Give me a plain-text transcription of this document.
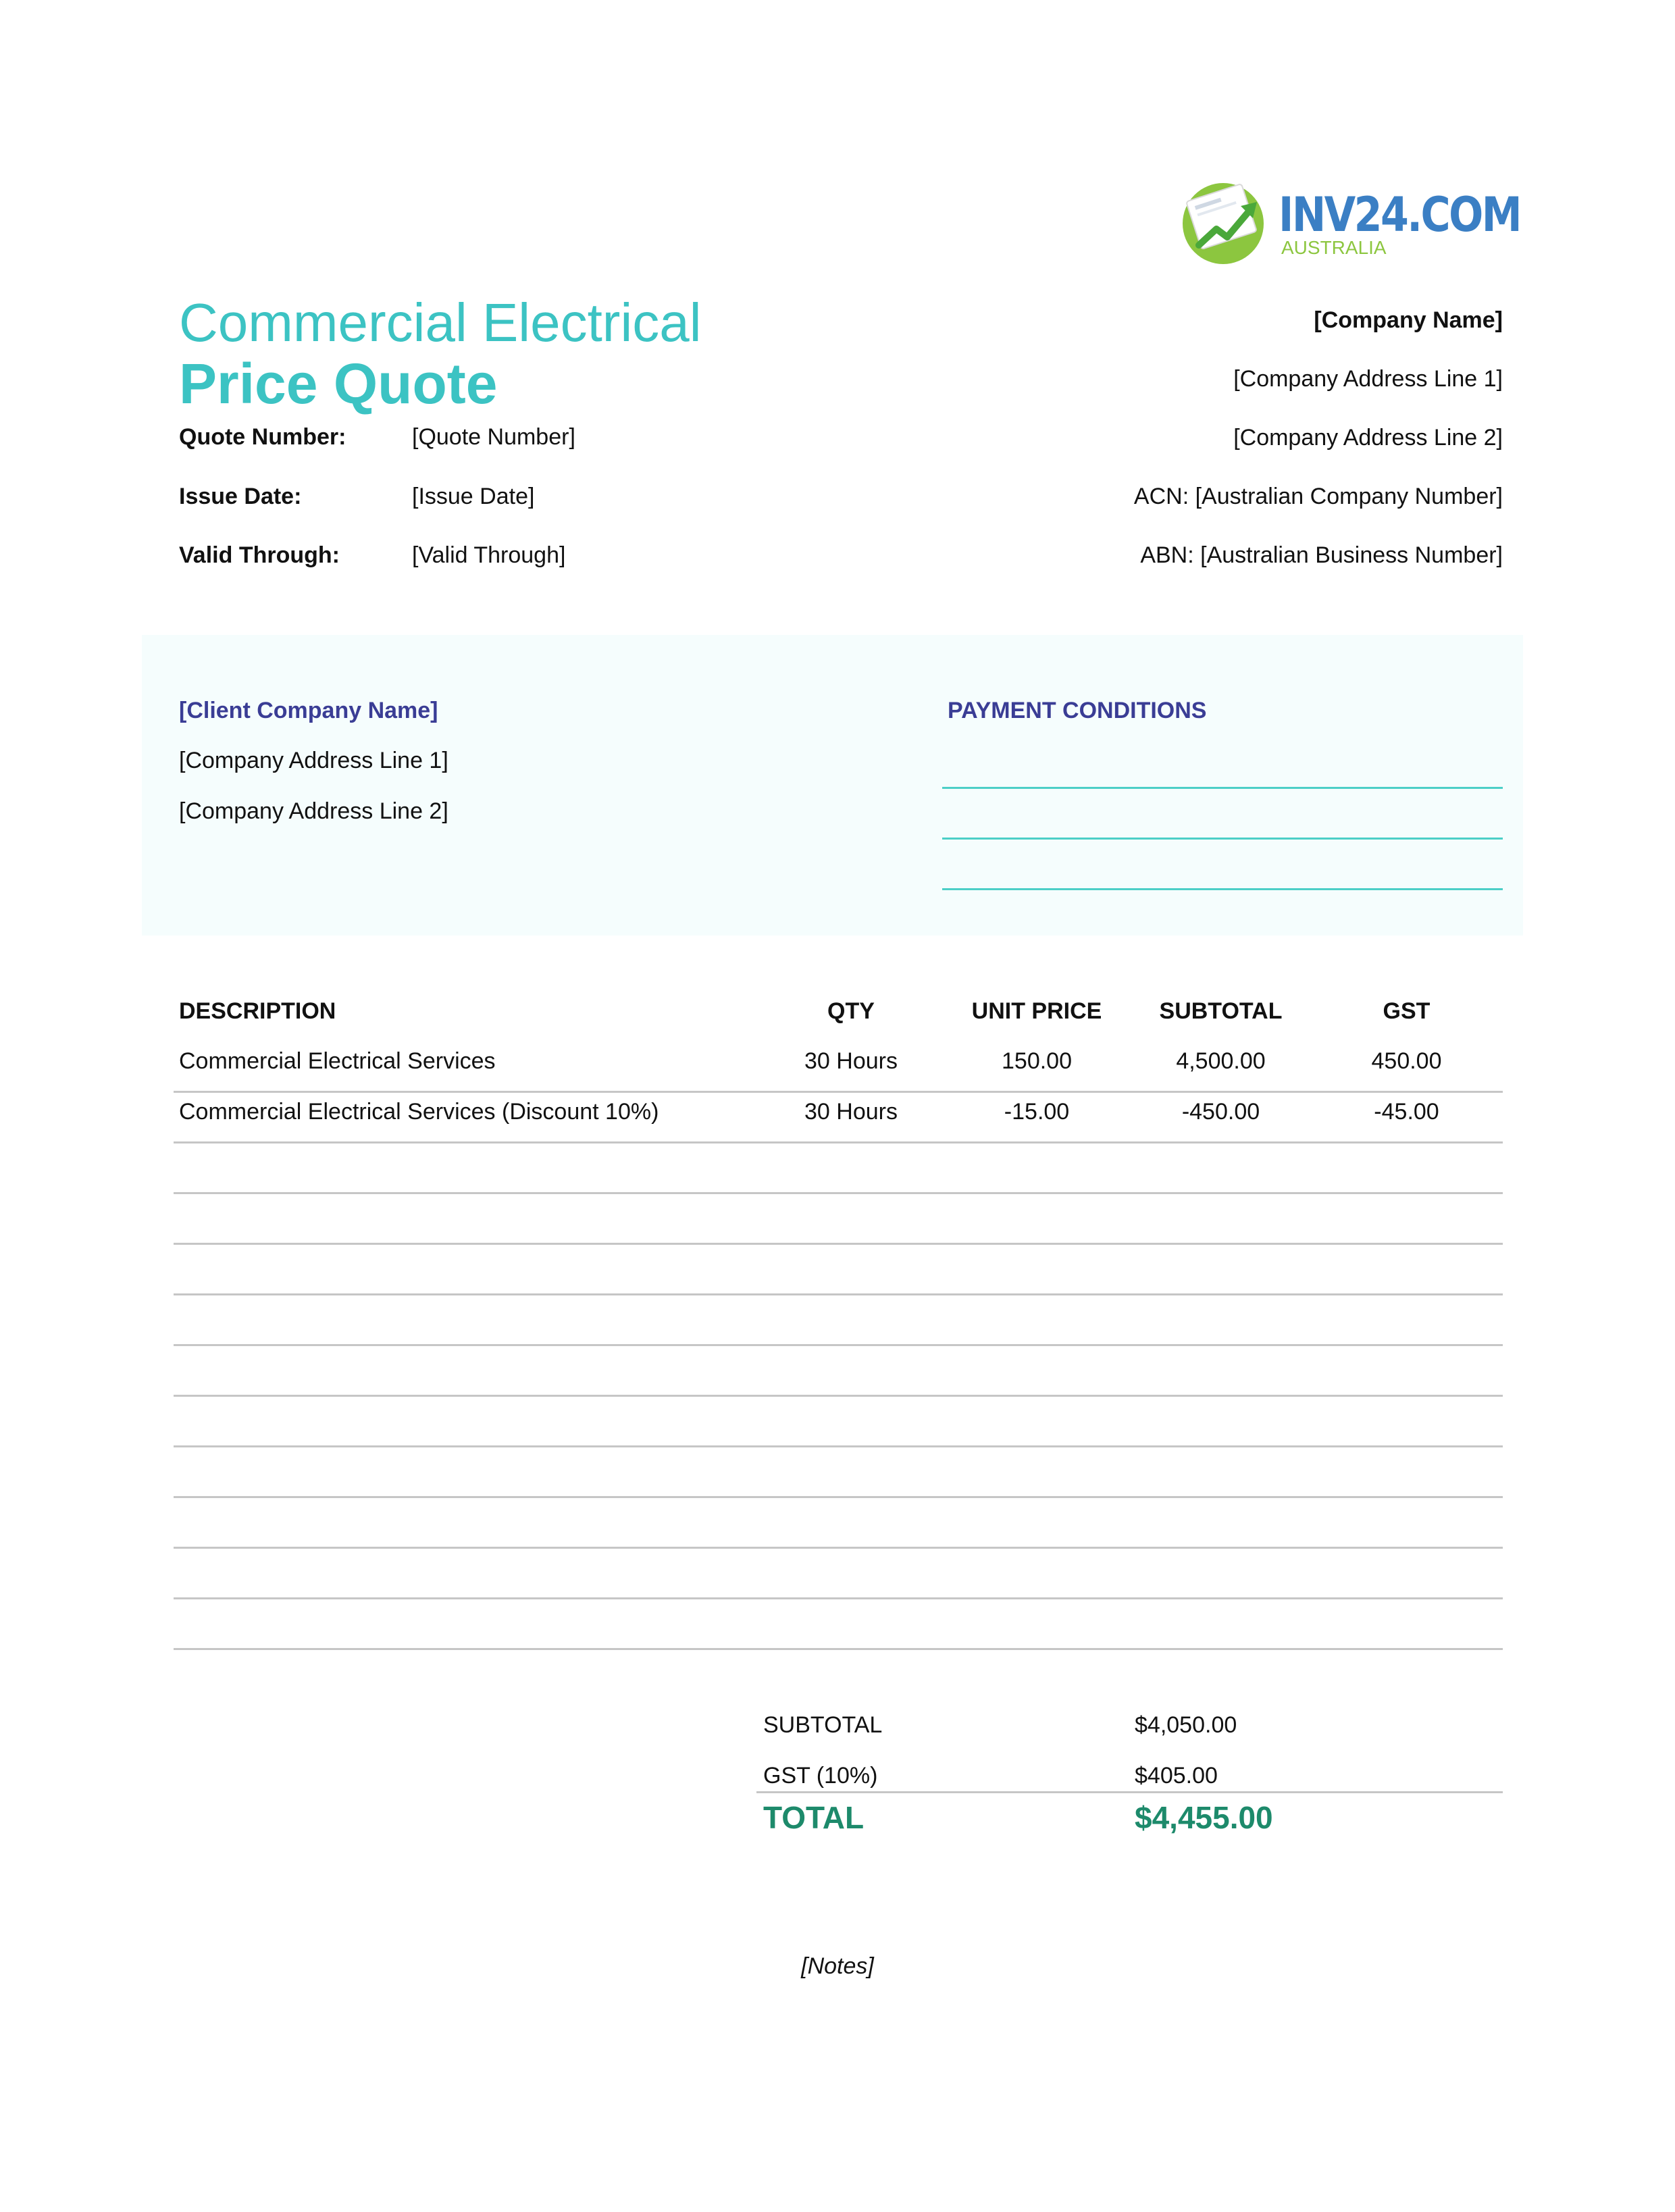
INV24.COM
AUSTRALIA
Commercial Electrical
Price Quote
Quote Number:	[Quote Number]
Issue Date:	[Issue Date]
Valid Through:	[Valid Through]
[Company Name]
[Company Address Line 1]
[Company Address Line 2]
ACN: [Australian Company Number]
ABN: [Australian Business Number]
[Client Company Name]
[Company Address Line 1]
[Company Address Line 2]
PAYMENT CONDITIONS
DESCRIPTION	QTY	UNIT PRICE	SUBTOTAL	GST
Commercial Electrical Services	30 Hours	150.00	4,500.00	450.00
Commercial Electrical Services (Discount 10%)	30 Hours	-15.00	-450.00	-45.00
SUBTOTAL	$4,050.00
GST (10%)	$405.00
TOTAL	$4,455.00
[Notes]
